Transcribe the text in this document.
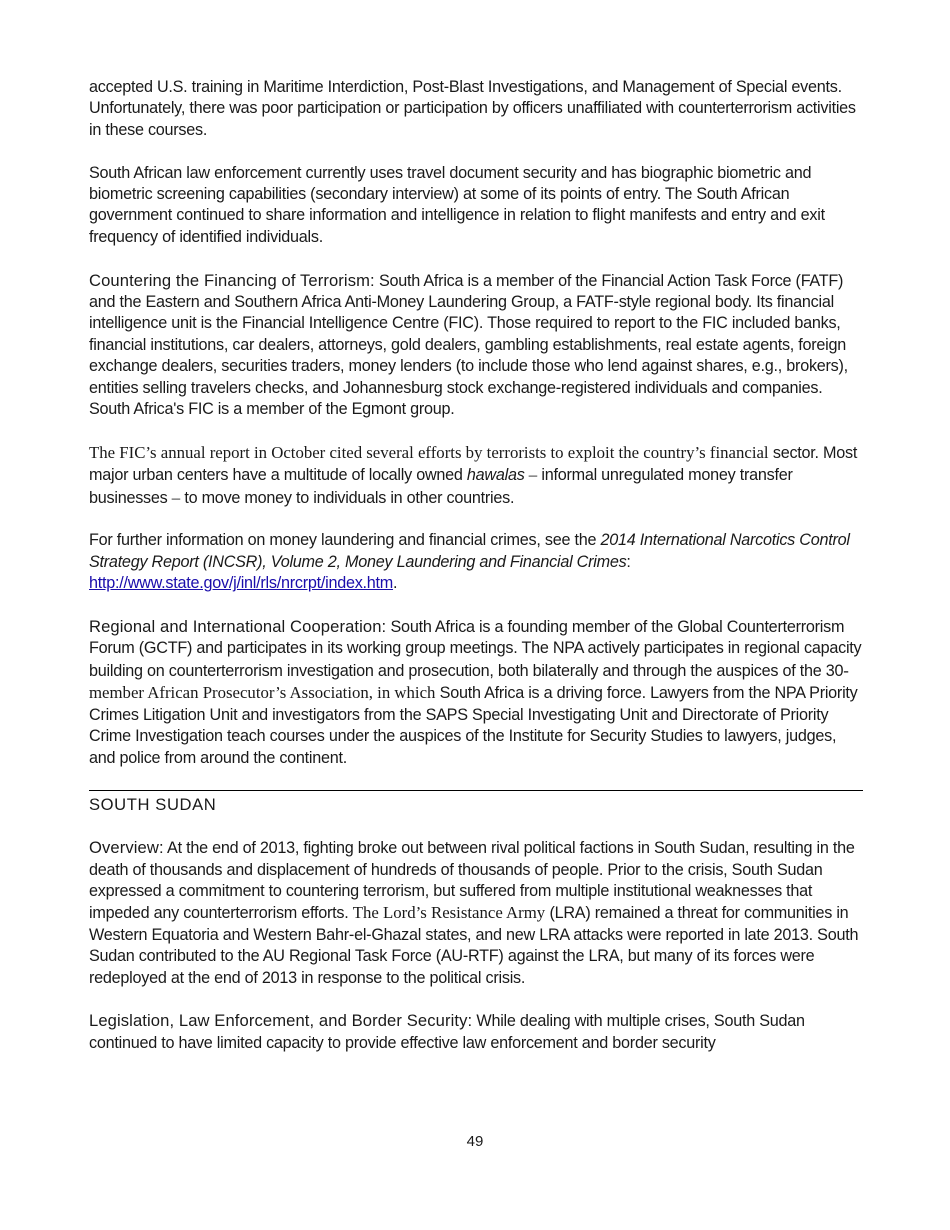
accepted U.S. training in Maritime Interdiction, Post-Blast Investigations, and Management of Special events. Unfortunately, there was poor participation or participation by officers unaffiliated with counterterrorism activities in these courses.

South African law enforcement currently uses travel document security and has biographic biometric and biometric screening capabilities (secondary interview) at some of its points of entry. The South African government continued to share information and intelligence in relation to flight manifests and entry and exit frequency of identified individuals.

Countering the Financing of Terrorism: South Africa is a member of the Financial Action Task Force (FATF) and the Eastern and Southern Africa Anti-Money Laundering Group, a FATF-style regional body. Its financial intelligence unit is the Financial Intelligence Centre (FIC). Those required to report to the FIC included banks, financial institutions, car dealers, attorneys, gold dealers, gambling establishments, real estate agents, foreign exchange dealers, securities traders, money lenders (to include those who lend against shares, e.g., brokers), entities selling travelers checks, and Johannesburg stock exchange-registered individuals and companies. South Africa's FIC is a member of the Egmont group.

The FIC’s annual report in October cited several efforts by terrorists to exploit the country’s financial sector. Most major urban centers have a multitude of locally owned hawalas – informal unregulated money transfer businesses – to move money to individuals in other countries.

For further information on money laundering and financial crimes, see the 2014 International Narcotics Control Strategy Report (INCSR), Volume 2, Money Laundering and Financial Crimes:
http://www.state.gov/j/inl/rls/nrcrpt/index.htm.

Regional and International Cooperation: South Africa is a founding member of the Global Counterterrorism Forum (GCTF) and participates in its working group meetings. The NPA actively participates in regional capacity building on counterterrorism investigation and prosecution, both bilaterally and through the auspices of the 30-member African Prosecutor’s Association, in which South Africa is a driving force. Lawyers from the NPA Priority Crimes Litigation Unit and investigators from the SAPS Special Investigating Unit and Directorate of Priority Crime Investigation teach courses under the auspices of the Institute for Security Studies to lawyers, judges, and police from around the continent.

SOUTH SUDAN

Overview: At the end of 2013, fighting broke out between rival political factions in South Sudan, resulting in the death of thousands and displacement of hundreds of thousands of people. Prior to the crisis, South Sudan expressed a commitment to countering terrorism, but suffered from multiple institutional weaknesses that impeded any counterterrorism efforts. The Lord’s Resistance Army (LRA) remained a threat for communities in Western Equatoria and Western Bahr-el-Ghazal states, and new LRA attacks were reported in late 2013. South Sudan contributed to the AU Regional Task Force (AU-RTF) against the LRA, but many of its forces were redeployed at the end of 2013 in response to the political crisis.

Legislation, Law Enforcement, and Border Security: While dealing with multiple crises, South Sudan continued to have limited capacity to provide effective law enforcement and border security

49
